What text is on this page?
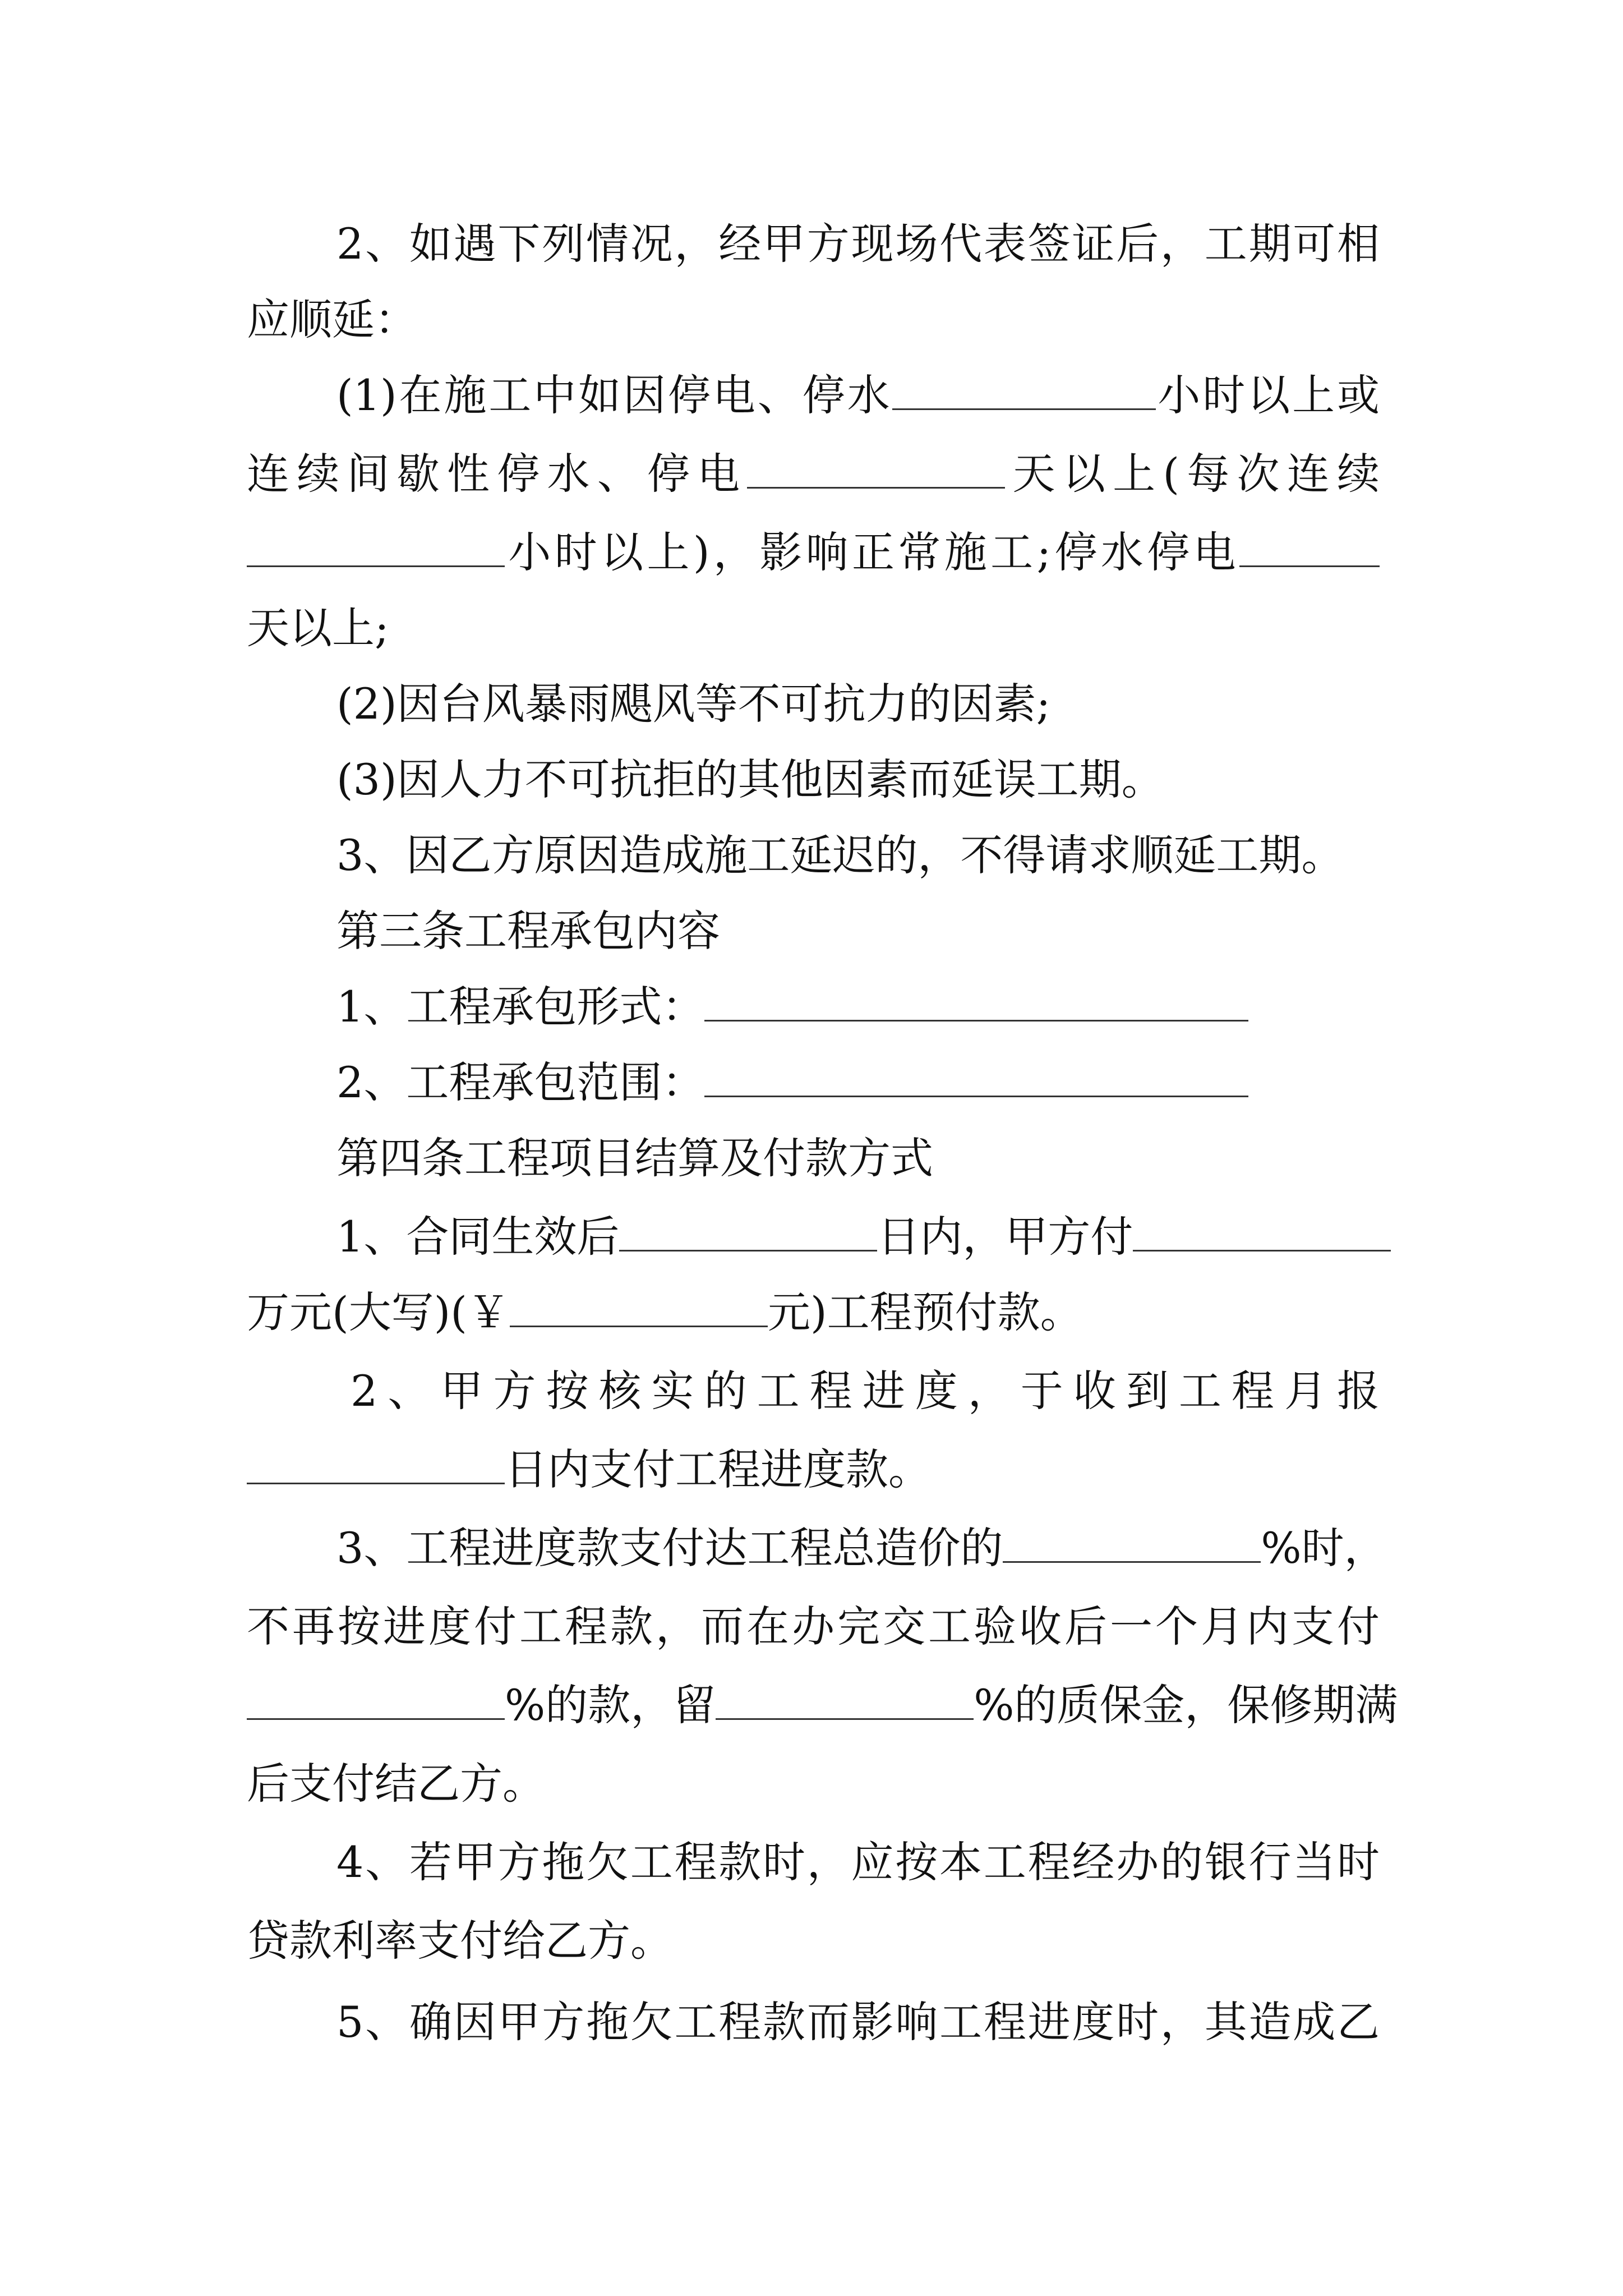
2、如遇下列情况，经甲方现场代表签证后，工期可相
应顺延：
(1)在施工中如因停电、停水	小时以上或
连续间歇性停水、停电	天以上(每次连续
小时以上)，影响正常施工;停水停电
天以上;
(2)因台风暴雨飓风等不可抗力的因素;
(3)因人力不可抗拒的其他因素而延误工期。
3、因乙方原因造成施工延迟的，不得请求顺延工期。
第三条工程承包内容
1、工程承包形式：
2、工程承包范围：
第四条工程项目结算及付款方式
1、合同生效后	日内，甲方付
万元(大写)(￥	元)工程预付款。
2、甲方按核实的工程进度，于收到工程月报
日内支付工程进度款。
3、工程进度款支付达工程总造价的	%时，
不再按进度付工程款，而在办完交工验收后一个月内支付
%的款，留	%的质保金，保修期满
后支付结乙方。
4、若甲方拖欠工程款时，应按本工程经办的银行当时
贷款利率支付给乙方。
5、确因甲方拖欠工程款而影响工程进度时，其造成乙
